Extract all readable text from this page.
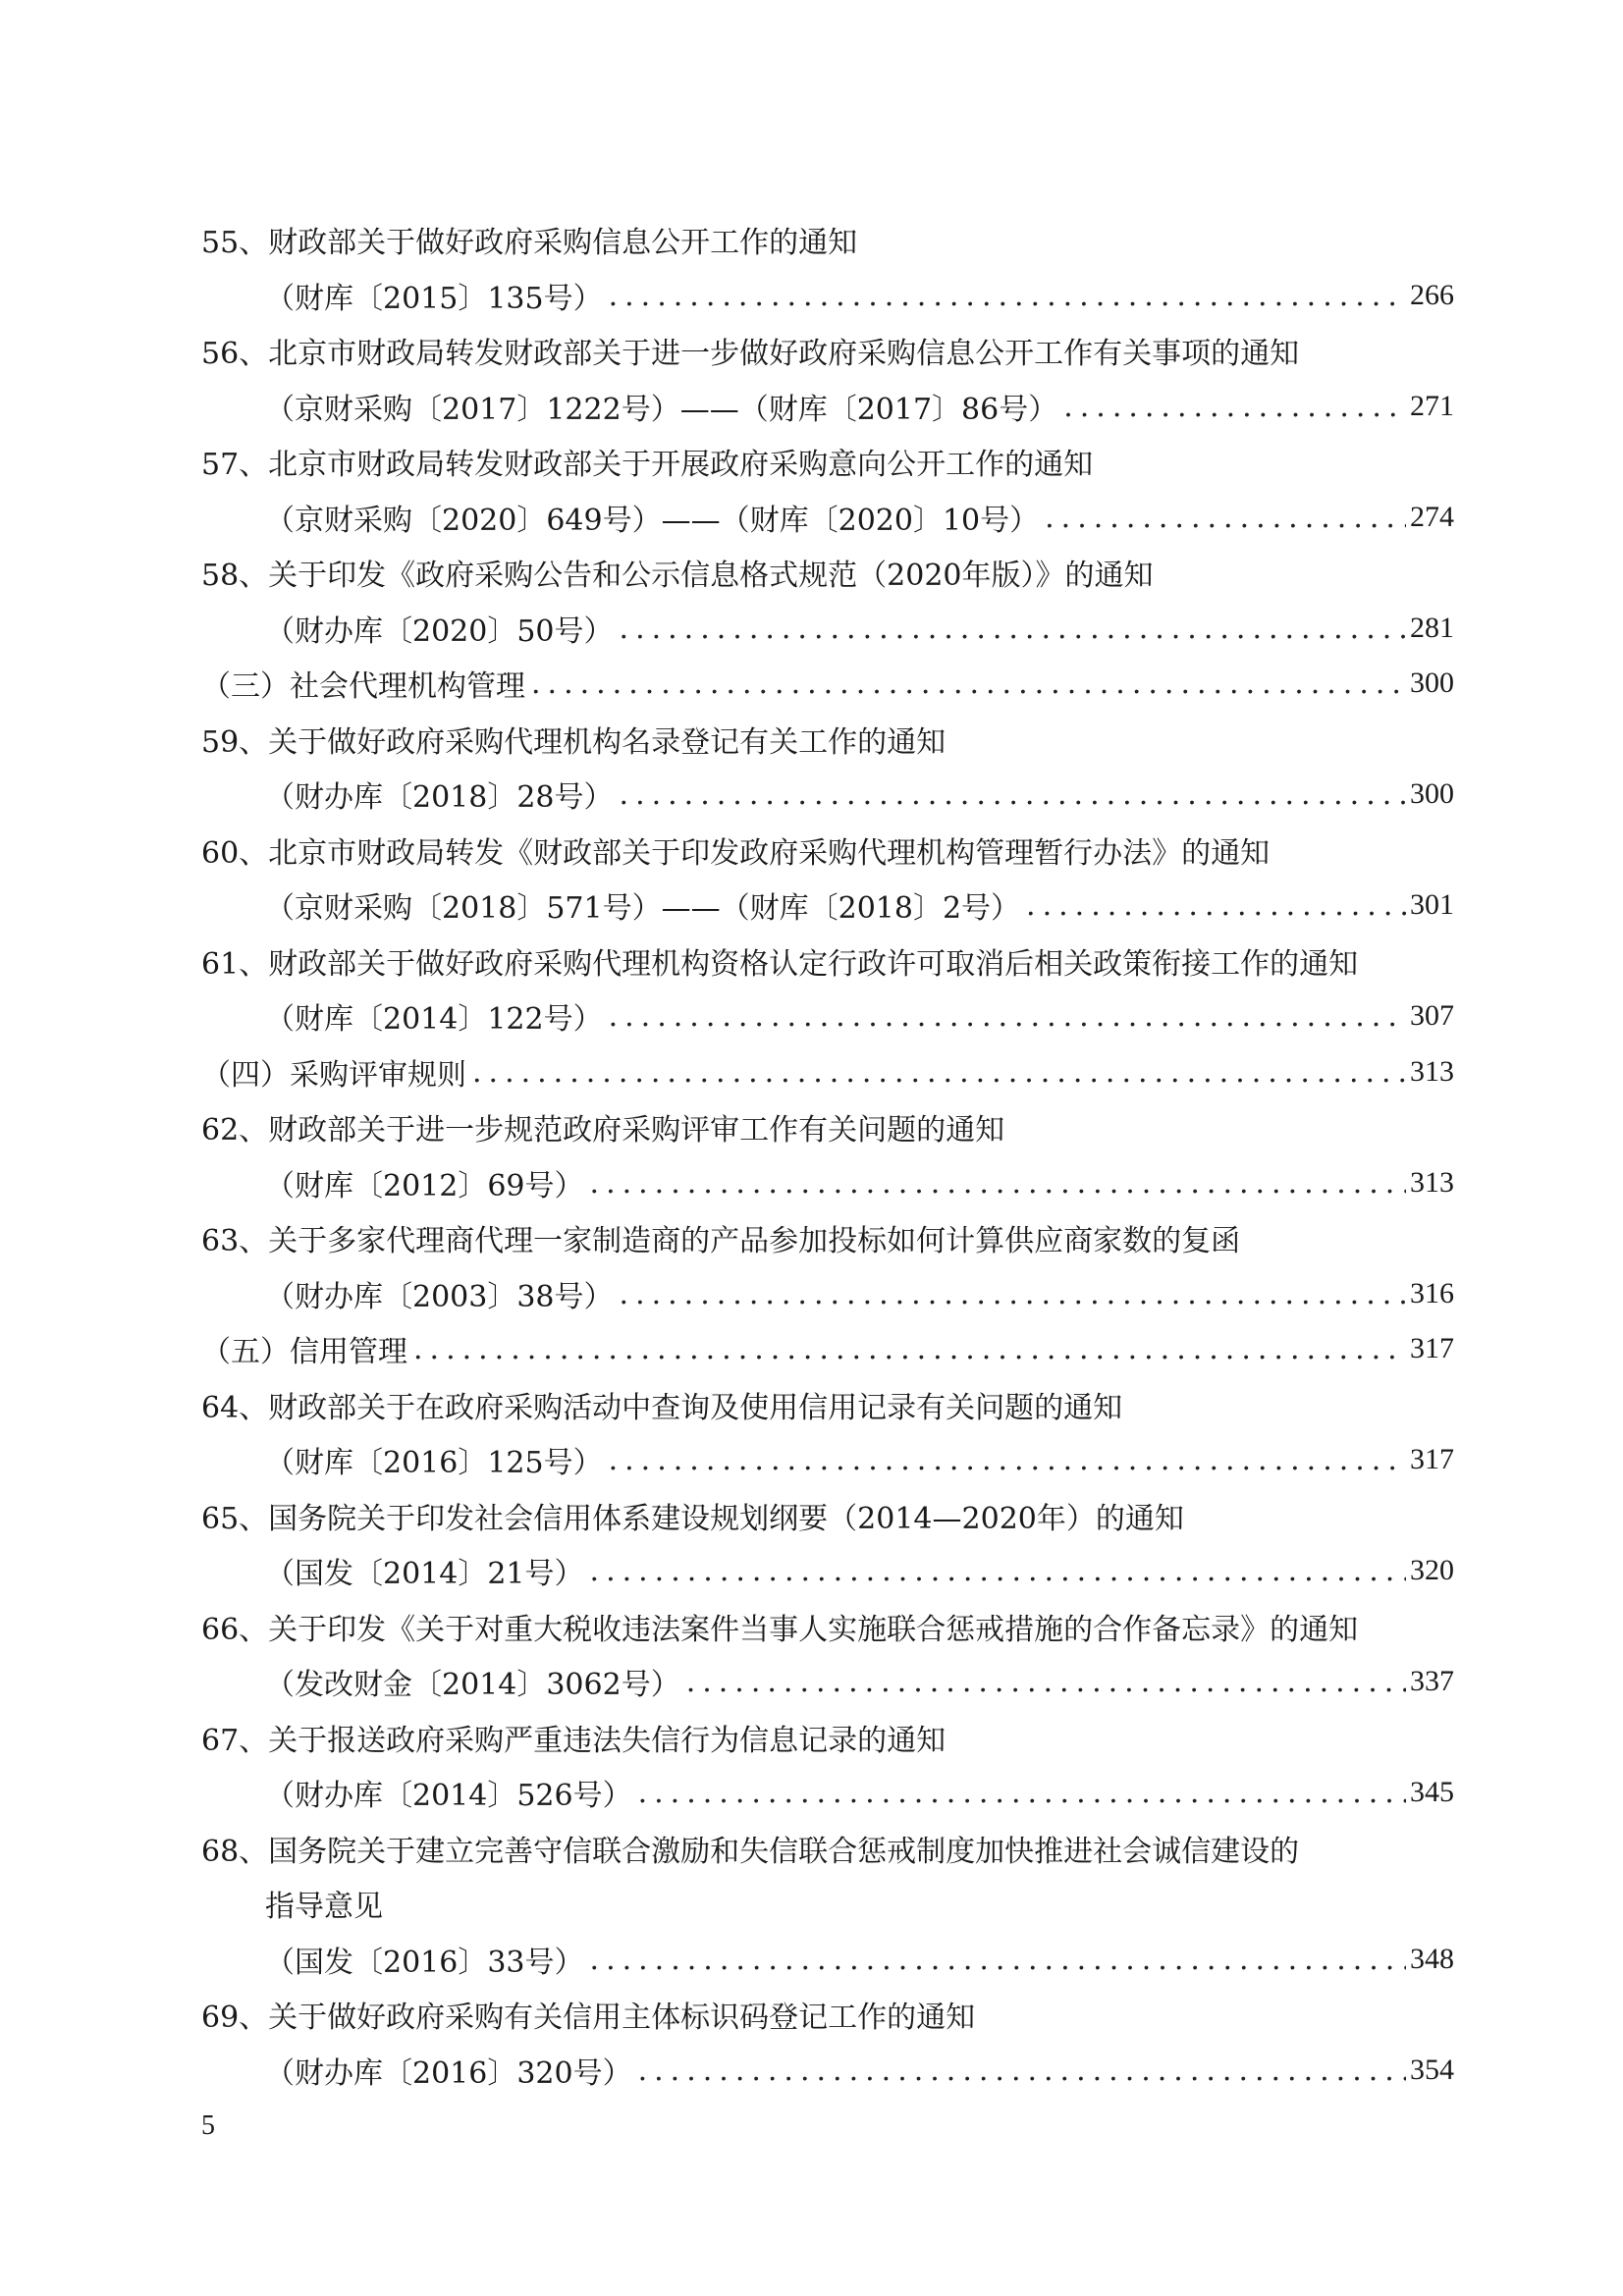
55、财政部关于做好政府采购信息公开工作的通知
（财库〔2015〕135号） .....	266
56、北京市财政局转发财政部关于进一步做好政府采购信息公开工作有关事项的通知
（京财采购〔2017〕1222号）——（财库〔2017〕86号） .....	271
57、北京市财政局转发财政部关于开展政府采购意向公开工作的通知
（京财采购〔2020〕649号）——（财库〔2020〕10号） .....	274
58、关于印发《政府采购公告和公示信息格式规范（2020年版）》的通知
（财办库〔2020〕50号） .....	281
（三）社会代理机构管理 .....	300
59、关于做好政府采购代理机构名录登记有关工作的通知
（财办库〔2018〕28号） .....	300
60、北京市财政局转发《财政部关于印发政府采购代理机构管理暂行办法》的通知
（京财采购〔2018〕571号）——（财库〔2018〕2号） .....	301
61、财政部关于做好政府采购代理机构资格认定行政许可取消后相关政策衔接工作的通知
（财库〔2014〕122号） .....	307
（四）采购评审规则 .....	313
62、财政部关于进一步规范政府采购评审工作有关问题的通知
（财库〔2012〕69号） .....	313
63、关于多家代理商代理一家制造商的产品参加投标如何计算供应商家数的复函
（财办库〔2003〕38号） .....	316
（五）信用管理 .....	317
64、财政部关于在政府采购活动中查询及使用信用记录有关问题的通知
（财库〔2016〕125号） .....	317
65、国务院关于印发社会信用体系建设规划纲要（2014—2020年）的通知
（国发〔2014〕21号） .....	320
66、关于印发《关于对重大税收违法案件当事人实施联合惩戒措施的合作备忘录》的通知
（发改财金〔2014〕3062号） .....	337
67、关于报送政府采购严重违法失信行为信息记录的通知
（财办库〔2014〕526号） .....	345
68、国务院关于建立完善守信联合激励和失信联合惩戒制度加快推进社会诚信建设的
指导意见
（国发〔2016〕33号） .....	348
69、关于做好政府采购有关信用主体标识码登记工作的通知
（财办库〔2016〕320号） .....	354
5
